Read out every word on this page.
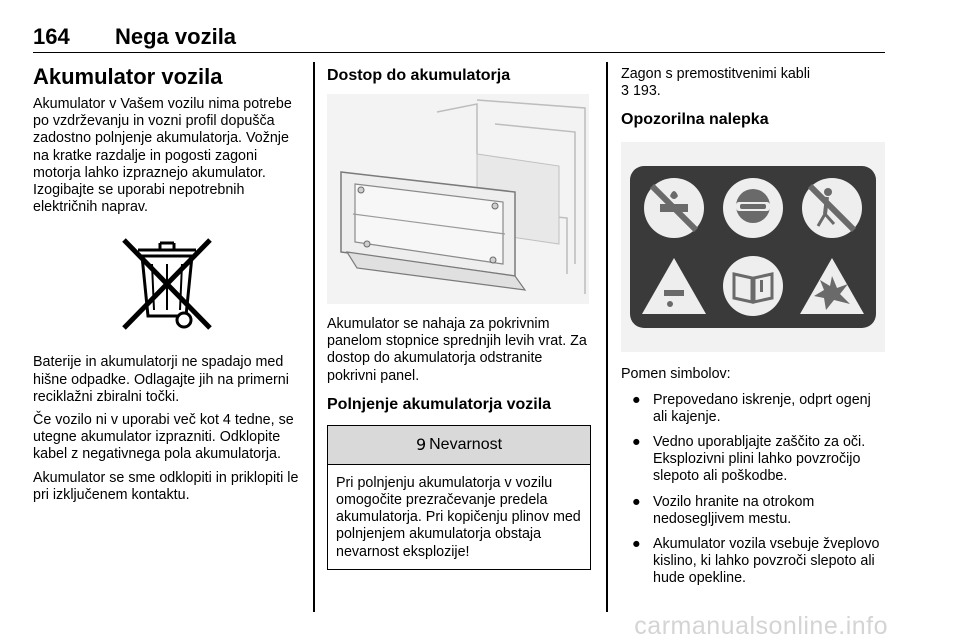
164 Nega vozila
Akumulator vozila

Akumulator v Vašem vozilu nima potrebe po vzdrževanju in vozni profil dopušča zadostno polnjenje akumulatorja. Vožnje na kratke razdalje in pogosti zagoni motorja lahko izpraznejo akumulator. Izogibajte se uporabi nepotrebnih električnih naprav.

Baterije in akumulatorji ne spadajo med hišne odpadke. Odlagajte jih na primerni reciklažni zbiralni točki.

Če vozilo ni v uporabi več kot 4 tedne, se utegne akumulator izprazniti. Odklopite kabel z negativnega pola akumulatorja.

Akumulator se sme odklopiti in priklopiti le pri izključenem kontaktu.

Dostop do akumulatorja

Akumulator se nahaja za pokrivnim panelom stopnice sprednjih levih vrat. Za dostop do akumulatorja odstranite pokrivni panel.

Polnjenje akumulatorja vozila
9 Nevarnost

Pri polnjenju akumulatorja v vozilu omogočite prezračevanje predela akumulatorja. Pri kopičenju plinov med polnjenjem akumulatorja obstaja nevarnost eksplozije!

Zagon s premostitvenimi kabli

3 193.

Opozorilna nalepka

Pomen simbolov:

● Prepovedano iskrenje, odprt ogenj ali kajenje.
● Vedno uporabljajte zaščito za oči. Eksplozivni plini lahko povzročijo slepoto ali poškodbe.
● Vozilo hranite na otrokom nedosegljivem mestu.
● Akumulator vozila vsebuje žveplovo kislino, ki lahko povzroči slepoto ali hude opekline.
carmanualsonline.info
